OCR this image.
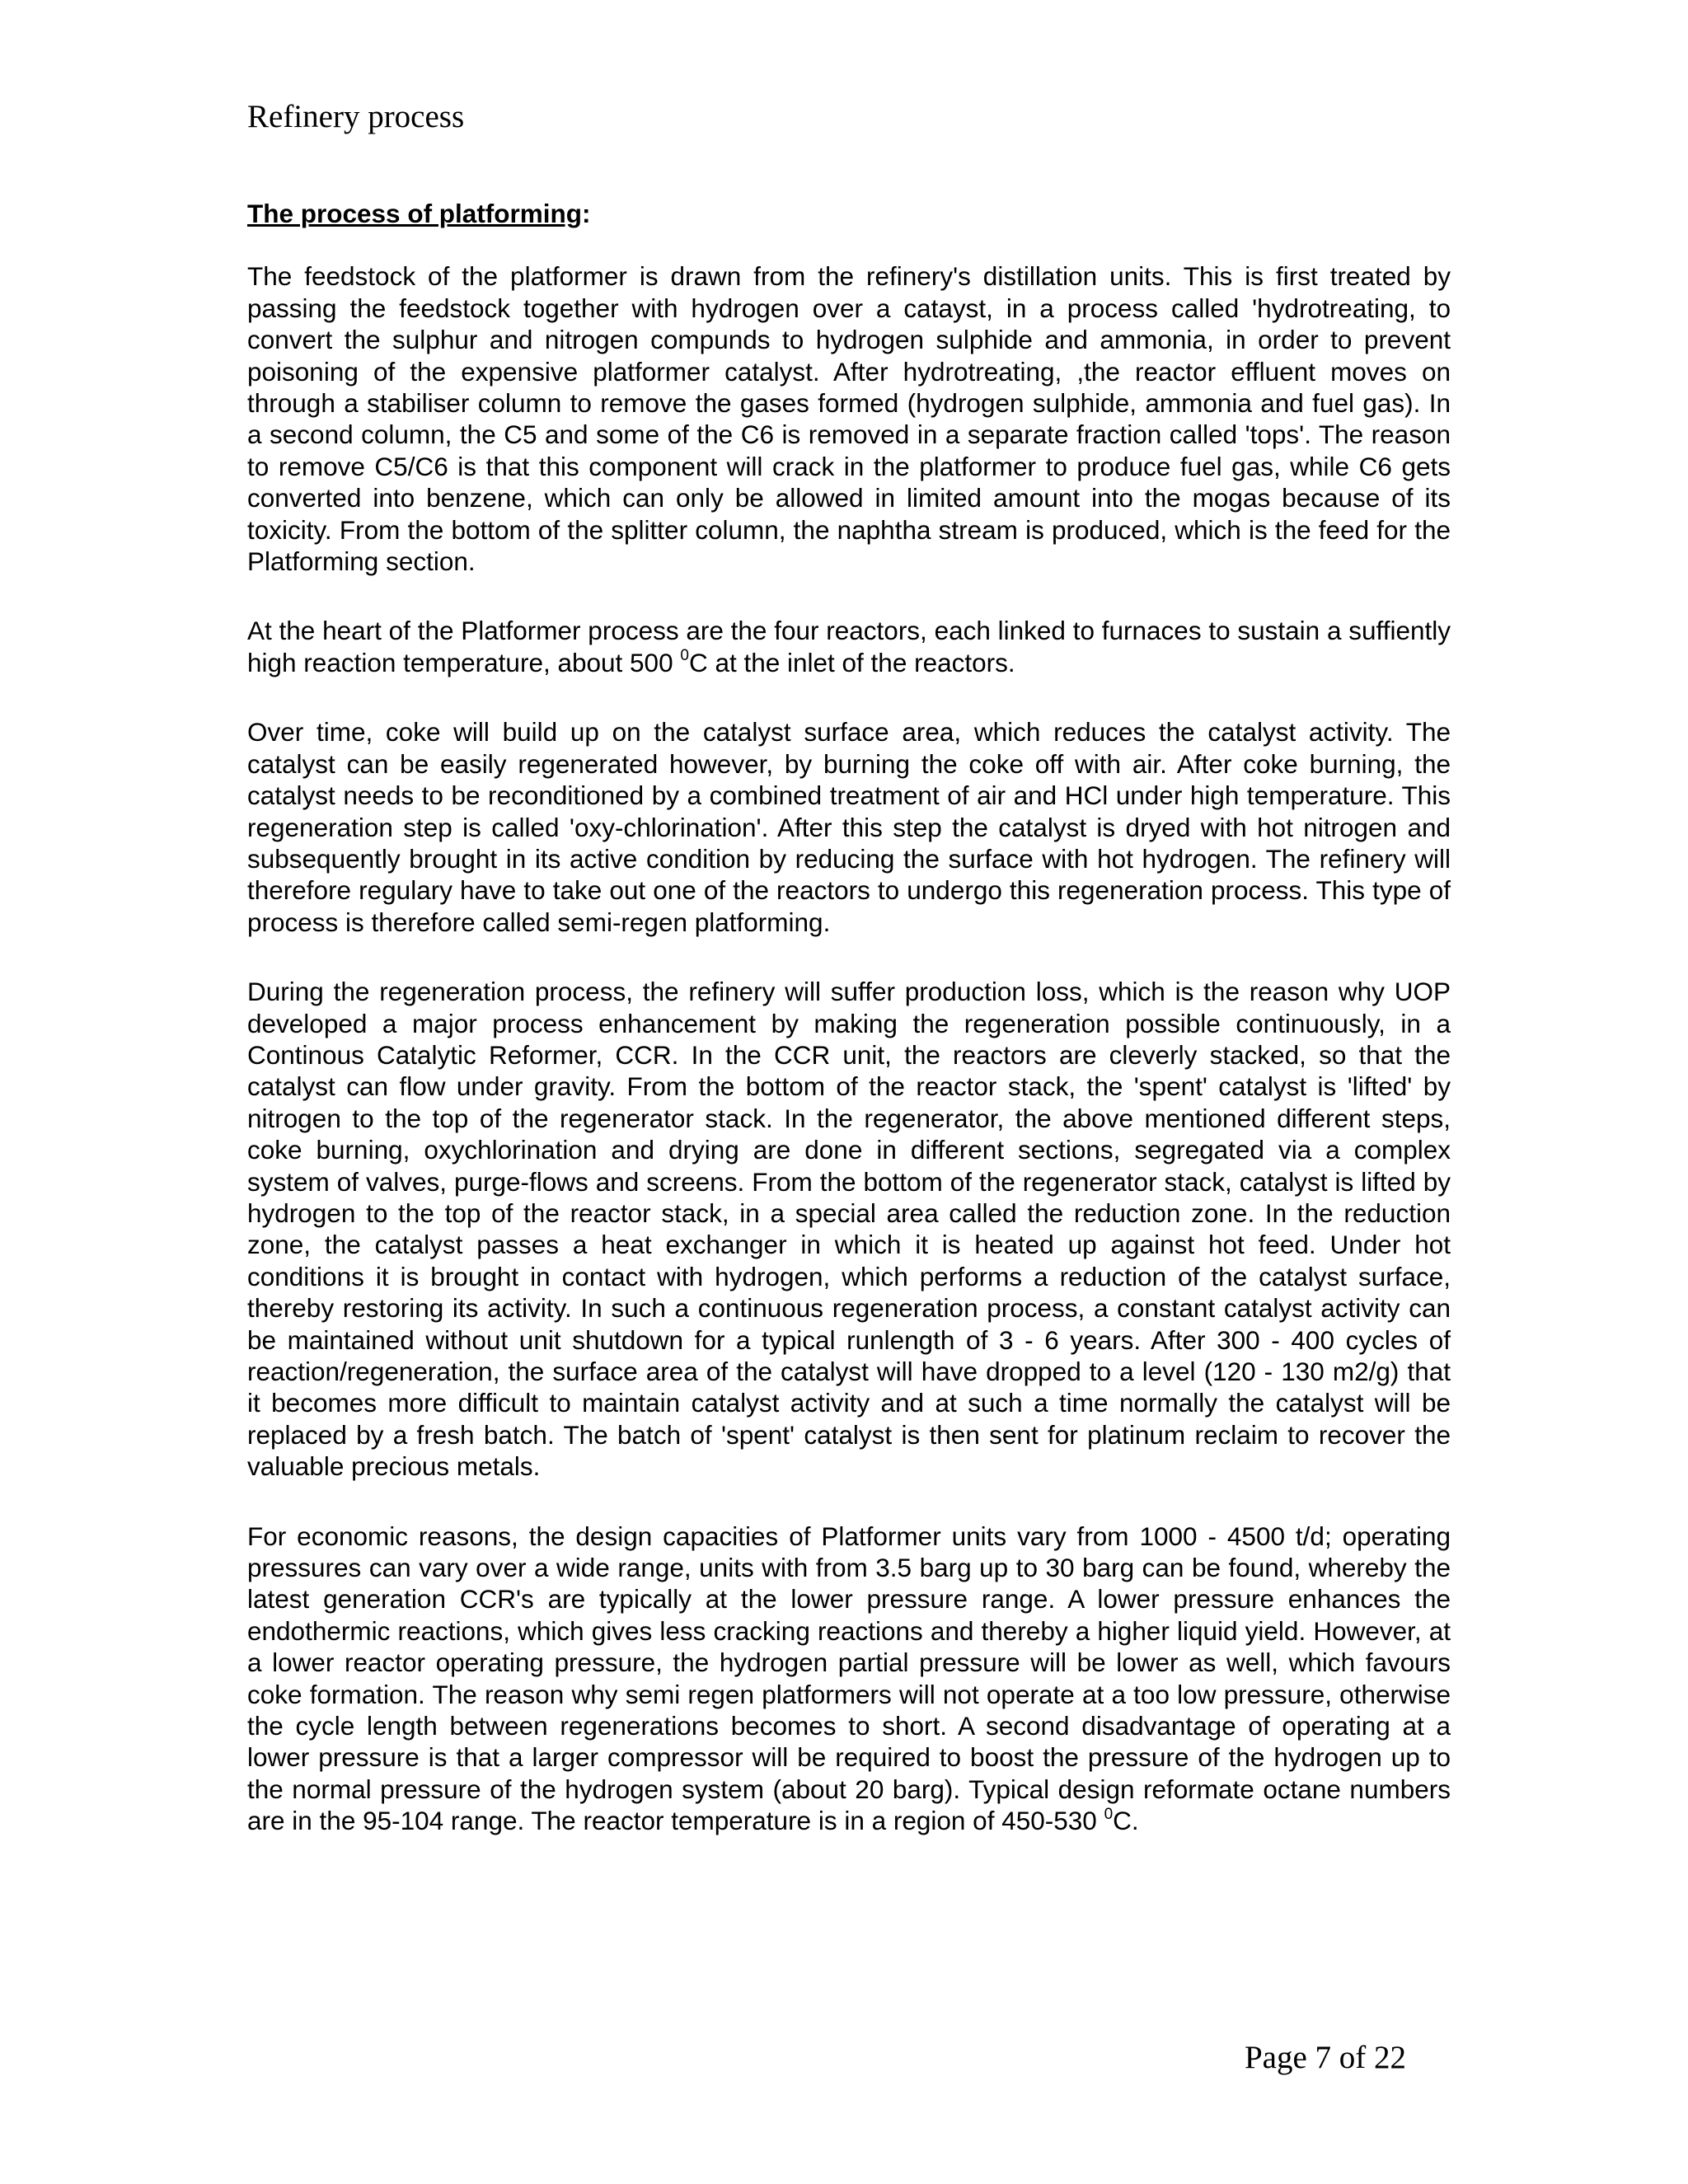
Refinery process
The process of platforming:

The feedstock of the platformer is drawn from the refinery's distillation units. This is first treated by passing the feedstock together with hydrogen over a catayst, in a process called 'hydrotreating, to convert the sulphur and nitrogen compunds to hydrogen sulphide and ammonia, in order to prevent poisoning of the expensive platformer catalyst. After hydrotreating, ,the reactor effluent moves on through a stabiliser column to remove the gases formed (hydrogen sulphide, ammonia and fuel gas). In a second column, the C5 and some of the C6 is removed in a separate fraction called 'tops'. The reason to remove C5/C6 is that this component will crack in the platformer to produce fuel gas, while C6 gets converted into benzene, which can only be allowed in limited amount into the mogas because of its toxicity. From the bottom of the splitter column, the naphtha stream is produced, which is the feed for the Platforming section.

At the heart of the Platformer process are the four reactors, each linked to furnaces to sustain a suffiently high reaction temperature, about 500 $^0$C at the inlet of the reactors.

Over time, coke will build up on the catalyst surface area, which reduces the catalyst activity. The catalyst can be easily regenerated however, by burning the coke off with air. After coke burning, the catalyst needs to be reconditioned by a combined treatment of air and HCl under high temperature. This regeneration step is called 'oxy-chlorination'. After this step the catalyst is dryed with hot nitrogen and subsequently brought in its active condition by reducing the surface with hot hydrogen. The refinery will therefore regulary have to take out one of the reactors to undergo this regeneration process. This type of process is therefore called semi-regen platforming.

During the regeneration process, the refinery will suffer production loss, which is the reason why UOP developed a major process enhancement by making the regeneration possible continuously, in a Continous Catalytic Reformer, CCR. In the CCR unit, the reactors are cleverly stacked, so that the catalyst can flow under gravity. From the bottom of the reactor stack, the 'spent' catalyst is 'lifted' by nitrogen to the top of the regenerator stack. In the regenerator, the above mentioned different steps, coke burning, oxychlorination and drying are done in different sections, segregated via a complex system of valves, purge-flows and screens. From the bottom of the regenerator stack, catalyst is lifted by hydrogen to the top of the reactor stack, in a special area called the reduction zone. In the reduction zone, the catalyst passes a heat exchanger in which it is heated up against hot feed. Under hot conditions it is brought in contact with hydrogen, which performs a reduction of the catalyst surface, thereby restoring its activity. In such a continuous regeneration process, a constant catalyst activity can be maintained without unit shutdown for a typical runlength of 3 - 6 years. After 300 - 400 cycles of reaction/regeneration, the surface area of the catalyst will have dropped to a level (120 - 130 m2/g) that it becomes more difficult to maintain catalyst activity and at such a time normally the catalyst will be replaced by a fresh batch. The batch of 'spent' catalyst is then sent for platinum reclaim to recover the valuable precious metals.

For economic reasons, the design capacities of Platformer units vary from 1000 - 4500 t/d; operating pressures can vary over a wide range, units with from 3.5 barg up to 30 barg can be found, whereby the latest generation CCR's are typically at the lower pressure range. A lower pressure enhances the endothermic reactions, which gives less cracking reactions and thereby a higher liquid yield. However, at a lower reactor operating pressure, the hydrogen partial pressure will be lower as well, which favours coke formation. The reason why semi regen platformers will not operate at a too low pressure, otherwise the cycle length between regenerations becomes to short. A second disadvantage of operating at a lower pressure is that a larger compressor will be required to boost the pressure of the hydrogen up to the normal pressure of the hydrogen system (about 20 barg). Typical design reformate octane numbers are in the 95-104 range. The reactor temperature is in a region of 450-530 $^0$C.

Page 7 of 22
